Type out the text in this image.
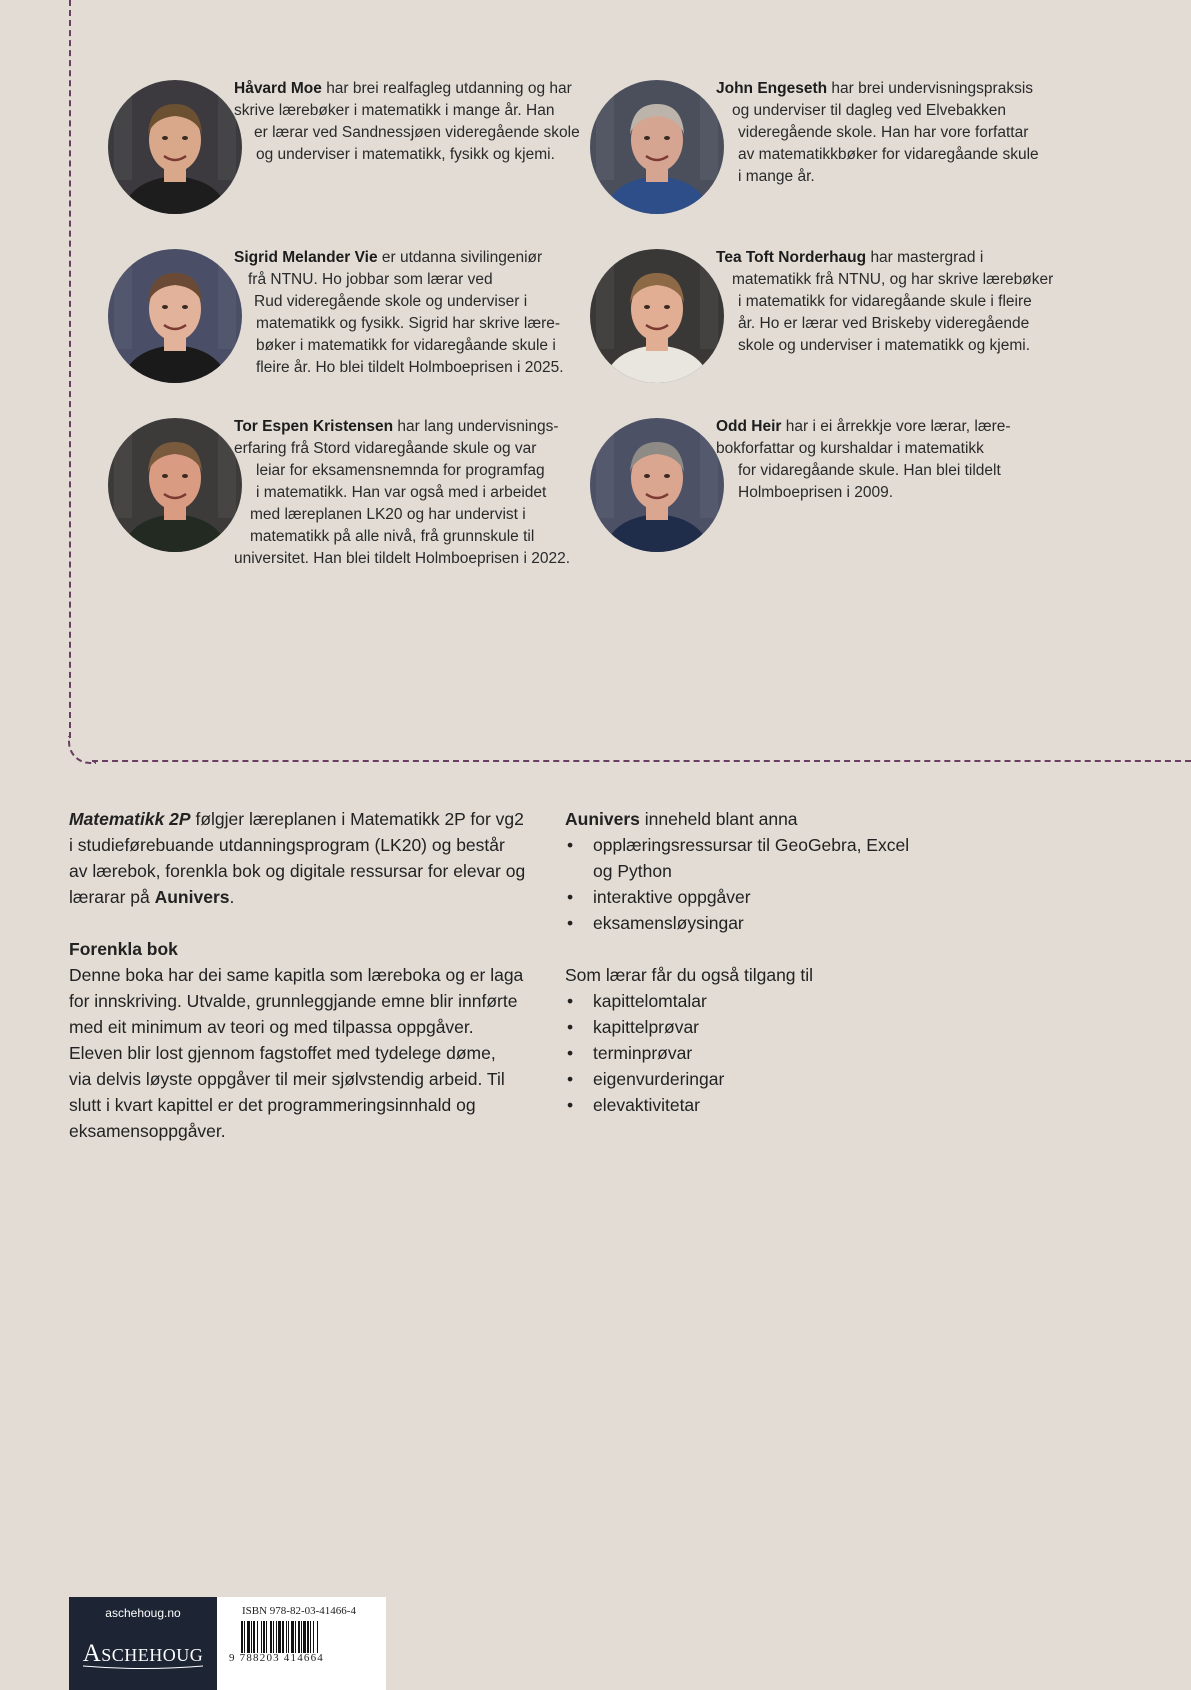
Håvard Moe har brei realfagleg utdanning og har
skrive lærebøker i matematikk i mange år. Han
er lærar ved Sandnessjøen videregående skole
og underviser i matematikk, fysikk og kjemi.
John Engeseth har brei undervisningspraksis
og underviser til dagleg ved Elvebakken
videregående skole. Han har vore forfattar
av matematikkbøker for vidaregåande skule
i mange år.
Sigrid Melander Vie er utdanna sivilingeniør
frå NTNU. Ho jobbar som lærar ved
Rud videregående skole og underviser i
matematikk og fysikk. Sigrid har skrive lære-
bøker i matematikk for vidaregåande skule i
fleire år. Ho blei tildelt Holmboeprisen i 2025.
Tea Toft Norderhaug har mastergrad i
matematikk frå NTNU, og har skrive lærebøker
i matematikk for vidaregåande skule i fleire
år. Ho er lærar ved Briskeby videregående
skole og underviser i matematikk og kjemi.
Tor Espen Kristensen har lang undervisnings-
erfaring frå Stord vidaregåande skule og var
leiar for eksamensnemnda for programfag
i matematikk. Han var også med i arbeidet
med læreplanen LK20 og har undervist i
matematikk på alle nivå, frå grunnskule til
universitet. Han blei tildelt Holmboeprisen i 2022.
Odd Heir har i ei årrekkje vore lærar, lære-
bokforfattar og kurshaldar i matematikk
for vidaregåande skule. Han blei tildelt
Holmboeprisen i 2009.

Matematikk 2P følgjer læreplanen i Matematikk 2P for vg2
i studieførebuande utdanningsprogram (LK20) og består
av lærebok, forenkla bok og digitale ressursar for elevar og
lærarar på Aunivers.

Forenkla bok

Denne boka har dei same kapitla som læreboka og er laga
for innskriving. Utvalde, grunnleggjande emne blir innførte
med eit minimum av teori og med tilpassa oppgåver.
Eleven blir lost gjennom fagstoffet med tydelege døme,
via delvis løyste oppgåver til meir sjølvstendig arbeid. Til
slutt i kvart kapittel er det programmeringsinnhald og
eksamensoppgåver.

Aunivers inneheld blant anna

• opplæringsressursar til GeoGebra, Excel
og Python
• interaktive oppgåver
• eksamensløysingar

Som lærar får du også tilgang til

• kapittelomtalar
• kapittelprøvar
• terminprøvar
• eigenvurderingar
• elevaktivitetar
aschehoug.no
Aschehoug
ISBN 978-82-03-41466-4
9 788203 414664
